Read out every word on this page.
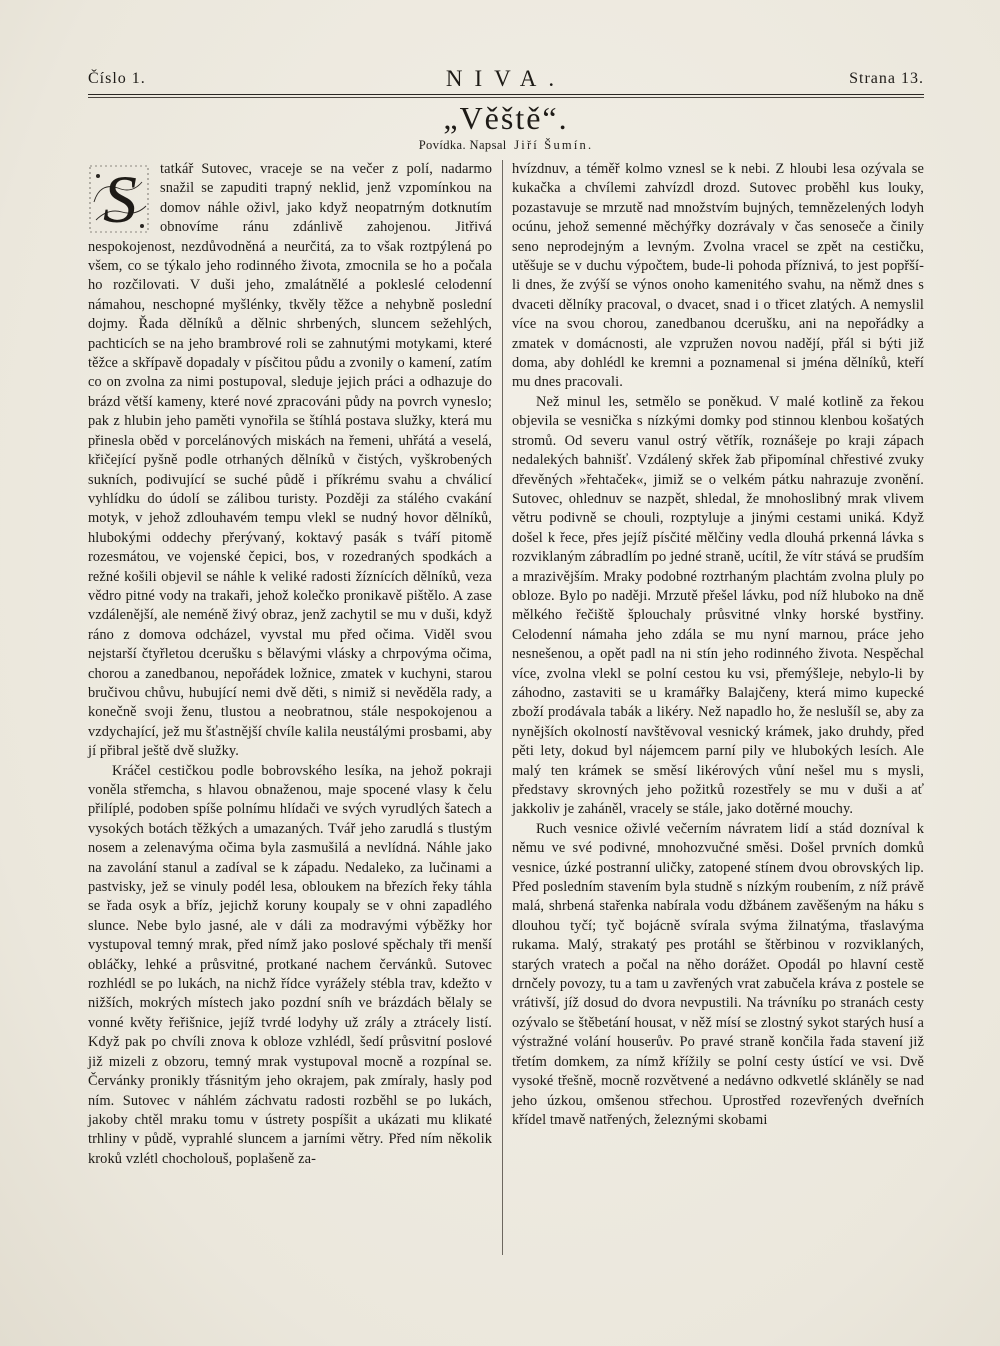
Číslo 1.	NIVA.	Strana 13.
„Věště“.
Povídka. Napsal Jiří Šumín.

S tatkář Sutovec, vraceje se na večer z polí, nadarmo snažil se zapuditi trapný neklid, jenž vzpomínkou na domov náhle oživl, jako když neopatrným dotknutím obnovíme ránu zdánlivě zahojenou. Jitřivá nespokojenost, nezdůvodněná a neurčitá, za to však roztpýlená po všem, co se týkalo jeho rodinného života, zmocnila se ho a počala ho rozčilovati. V duši jeho, zmalátnělé a pokleslé celodenní námahou, neschopné myšlénky, tkvěly těžce a nehybně poslední dojmy. Řada dělníků a dělnic shrbených, sluncem sežehlých, pachticích se na jeho brambrové roli se zahnutými motykami, které těžce a skřípavě dopadaly v písčitou půdu a zvonily o kamení, zatím co on zvolna za nimi postupoval, sleduje jejich práci a odhazuje do brázd větší kameny, které nové zpracováni půdy na povrch vyneslo; pak z hlubin jeho paměti vynořila se štíhlá postava služky, která mu přinesla oběd v porcelánových miskách na řemeni, uhřátá a veselá, křičející pyšně podle otrhaných dělníků v čistých, vyškrobených sukních, podivující se suché půdě i příkrému svahu a chválicí vyhlídku do údolí se zálibou turisty. Později za stálého cvakání motyk, v jehož zdlouhavém tempu vlekl se nudný hovor dělníků, hlubokými oddechy přerývaný, koktavý pasák s tváří pitomě rozesmátou, ve vojenské čepici, bos, v rozedraných spodkách a režné košili objevil se náhle k veliké radosti žíznících dělníků, veza vědro pitné vody na trakaři, jehož kolečko pronikavě pištělo. A zase vzdálenější, ale neméně živý obraz, jenž zachytil se mu v duši, když ráno z domova odcházel, vyvstal mu před očima. Viděl svou nejstarší čtyřletou dcerušku s bělavými vlásky a chrpovýma očima, chorou a zanedbanou, nepořádek ložnice, zmatek v kuchyni, starou bručivou chůvu, hubující nemi dvě děti, s nimiž si nevěděla rady, a konečně svoji ženu, tlustou a neobratnou, stále nespokojenou a vzdychající, jež mu šťastnější chvíle kalila neustálými prosbami, aby jí přibral ještě dvě služky.

Kráčel cestičkou podle bobrovského lesíka, na jehož pokraji voněla střemcha, s hlavou obnaženou, maje spocené vlasy k čelu přilíplé, podoben spíše polnímu hlídači ve svých vyrudlých šatech a vysokých botách těžkých a umazaných. Tvář jeho zarudlá s tlustým nosem a zelenavýma očima byla zasmušilá a nevlídná. Náhle jako na zavolání stanul a zadíval se k západu. Nedaleko, za lučinami a pastvisky, jež se vinuly podél lesa, obloukem na březích řeky táhla se řada osyk a bříz, jejichž koruny koupaly se v ohni zapadlého slunce. Nebe bylo jasné, ale v dáli za modravými výběžky hor vystupoval temný mrak, před nímž jako poslové spěchaly tři menší obláčky, lehké a průsvitné, protkané nachem červánků. Sutovec rozhlédl se po lukách, na nichž řídce vyrážely stébla trav, kdežto v nižších, mokrých místech jako pozdní sníh ve brázdách bělaly se vonné květy řeřišnice, jejíž tvrdé lodyhy už zrály a ztrácely listí. Když pak po chvíli znova k obloze vzhlédl, šedí průsvitní poslové již mizeli z obzoru, temný mrak vystupoval mocně a rozpínal se. Červánky pronikly třásnitým jeho okrajem, pak zmíraly, hasly pod ním. Sutovec v náhlém záchvatu radosti rozběhl se po lukách, jakoby chtěl mraku tomu v ústrety pospíšit a ukázati mu klikaté trhliny v půdě, vyprahlé sluncem a jarními větry. Před ním několik kroků vzlétl chocholouš, poplašeně za-

hvízdnuv, a téměř kolmo vznesl se k nebi. Z hloubi lesa ozývala se kukačka a chvílemi zahvízdl drozd. Sutovec proběhl kus louky, pozastavuje se mrzutě nad množstvím bujných, temnězelených lodyh ocúnu, jehož semenné měchýřky dozrávaly v čas senoseče a činily seno neprodejným a levným. Zvolna vracel se zpět na cestičku, utěšuje se v duchu výpočtem, bude-li pohoda příznivá, to jest popřší-li dnes, že zvýší se výnos onoho kamenitého svahu, na němž dnes s dvaceti dělníky pracoval, o dvacet, snad i o třicet zlatých. A nemyslil více na svou chorou, zanedbanou dcerušku, ani na nepořádky a zmatek v domácnosti, ale vzpružen novou nadějí, přál si býti již doma, aby dohlédl ke kremni a poznamenal si jména dělníků, kteří mu dnes pracovali.

Než minul les, setmělo se poněkud. V malé kotlině za řekou objevila se vesnička s nízkými domky pod stinnou klenbou košatých stromů. Od severu vanul ostrý větřík, roznášeje po kraji zápach nedalekých bahnišť. Vzdálený skřek žab připomínal chřestivé zvuky dřevěných »řehtaček«, jimiž se o velkém pátku nahrazuje zvonění. Sutovec, ohlednuv se nazpět, shledal, že mnohoslibný mrak vlivem větru podivně se chouli, rozptyluje a jinými cestami uniká. Když došel k řece, přes jejíž písčité mělčiny vedla dlouhá prkenná lávka s rozviklaným zábradlím po jedné straně, ucítil, že vítr stává se prudším a mrazivějším. Mraky podobné roztrhaným plachtám zvolna pluly po obloze. Bylo po naději. Mrzutě přešel lávku, pod níž hluboko na dně mělkého řečiště šplouchaly průsvitné vlnky horské bystřiny. Celodenní námaha jeho zdála se mu nyní marnou, práce jeho nesnešenou, a opět padl na ni stín jeho rodinného života. Nespěchal více, zvolna vlekl se polní cestou ku vsi, přemýšleje, nebylo-li by záhodno, zastaviti se u kramářky Balajčeny, která mimo kupecké zboží prodávala tabák a likéry. Než napadlo ho, že neslušíl se, aby za nynějších okolností navštěvoval vesnický krámek, jako druhdy, před pěti lety, dokud byl nájemcem parní pily ve hlubokých lesích. Ale malý ten krámek se směsí likérových vůní nešel mu s mysli, představy skrovných jeho požitků rozestřely se mu v duši a ať jakkoliv je zaháněl, vracely se stále, jako dotěrné mouchy.

Ruch vesnice oživlé večerním návratem lidí a stád dozníval k němu ve své podivné, mnohozvučné směsi. Došel prvních domků vesnice, úzké postranní uličky, zatopené stínem dvou obrovských lip. Před posledním stavením byla studně s nízkým roubením, z níž právě malá, shrbená stařenka nabírala vodu džbánem zavěšeným na háku s dlouhou tyčí; tyč bojácně svírala svýma žilnatýma, třaslavýma rukama. Malý, strakatý pes protáhl se štěrbinou v rozviklaných, starých vratech a počal na něho dorážet. Opodál po hlavní cestě drnčely povozy, tu a tam u zavřených vrat zabučela kráva z postele se vrátivší, jíž dosud do dvora nevpustili. Na trávníku po stranách cesty ozývalo se štěbetání housat, v něž mísí se zlostný sykot starých husí a výstražné volání houserův. Po pravé straně končila řada stavení již třetím domkem, za nímž křížily se polní cesty ústící ve vsi. Dvě vysoké třešně, mocně rozvětvené a nedávno odkvetlé skláněly se nad jeho úzkou, omšenou střechou. Uprostřed rozevřených dveřních křídel tmavě natřených, železnými skobami
